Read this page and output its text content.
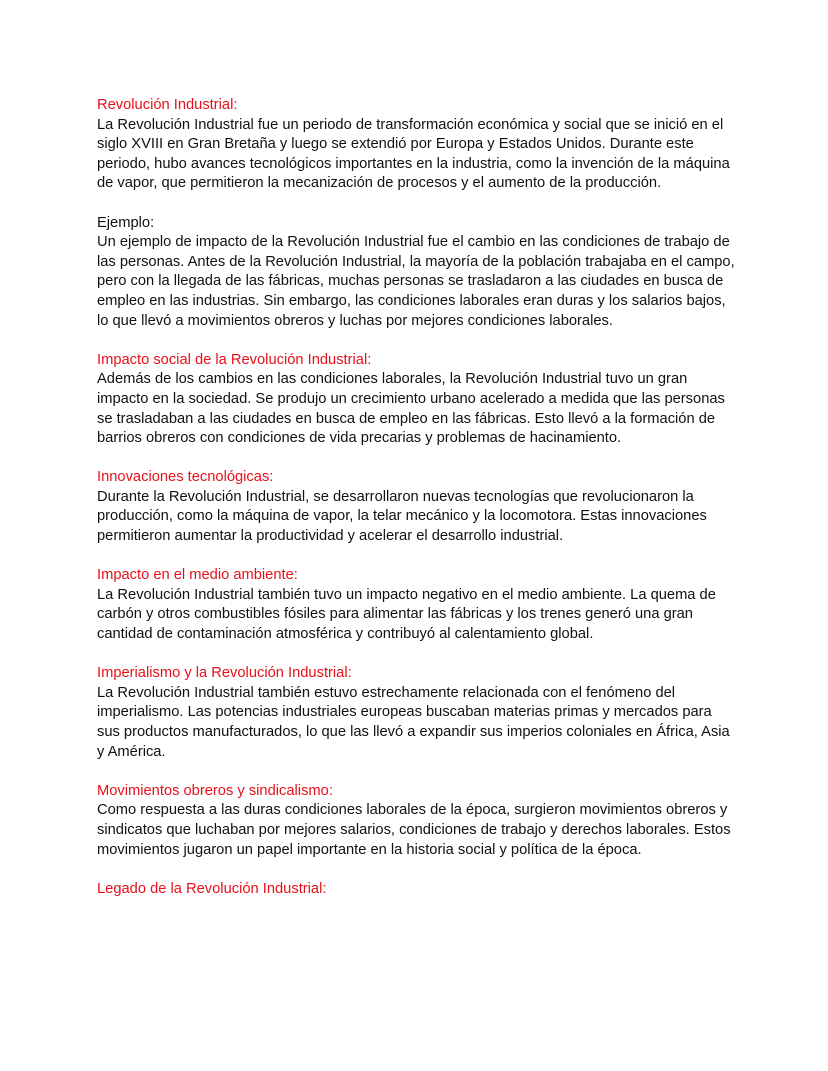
Revolución Industrial:

La Revolución Industrial fue un periodo de transformación económica y social que se inició en el siglo XVIII en Gran Bretaña y luego se extendió por Europa y Estados Unidos. Durante este periodo, hubo avances tecnológicos importantes en la industria, como la invención de la máquina de vapor, que permitieron la mecanización de procesos y el aumento de la producción.

Ejemplo:

Un ejemplo de impacto de la Revolución Industrial fue el cambio en las condiciones de trabajo de las personas. Antes de la Revolución Industrial, la mayoría de la población trabajaba en el campo, pero con la llegada de las fábricas, muchas personas se trasladaron a las ciudades en busca de empleo en las industrias. Sin embargo, las condiciones laborales eran duras y los salarios bajos, lo que llevó a movimientos obreros y luchas por mejores condiciones laborales.

Impacto social de la Revolución Industrial:

Además de los cambios en las condiciones laborales, la Revolución Industrial tuvo un gran impacto en la sociedad. Se produjo un crecimiento urbano acelerado a medida que las personas se trasladaban a las ciudades en busca de empleo en las fábricas. Esto llevó a la formación de barrios obreros con condiciones de vida precarias y problemas de hacinamiento.

Innovaciones tecnológicas:

Durante la Revolución Industrial, se desarrollaron nuevas tecnologías que revolucionaron la producción, como la máquina de vapor, la telar mecánico y la locomotora. Estas innovaciones permitieron aumentar la productividad y acelerar el desarrollo industrial.

Impacto en el medio ambiente:

La Revolución Industrial también tuvo un impacto negativo en el medio ambiente. La quema de carbón y otros combustibles fósiles para alimentar las fábricas y los trenes generó una gran cantidad de contaminación atmosférica y contribuyó al calentamiento global.

Imperialismo y la Revolución Industrial:

La Revolución Industrial también estuvo estrechamente relacionada con el fenómeno del imperialismo. Las potencias industriales europeas buscaban materias primas y mercados para sus productos manufacturados, lo que las llevó a expandir sus imperios coloniales en África, Asia y América.

Movimientos obreros y sindicalismo:

Como respuesta a las duras condiciones laborales de la época, surgieron movimientos obreros y sindicatos que luchaban por mejores salarios, condiciones de trabajo y derechos laborales. Estos movimientos jugaron un papel importante en la historia social y política de la época.

Legado de la Revolución Industrial:
